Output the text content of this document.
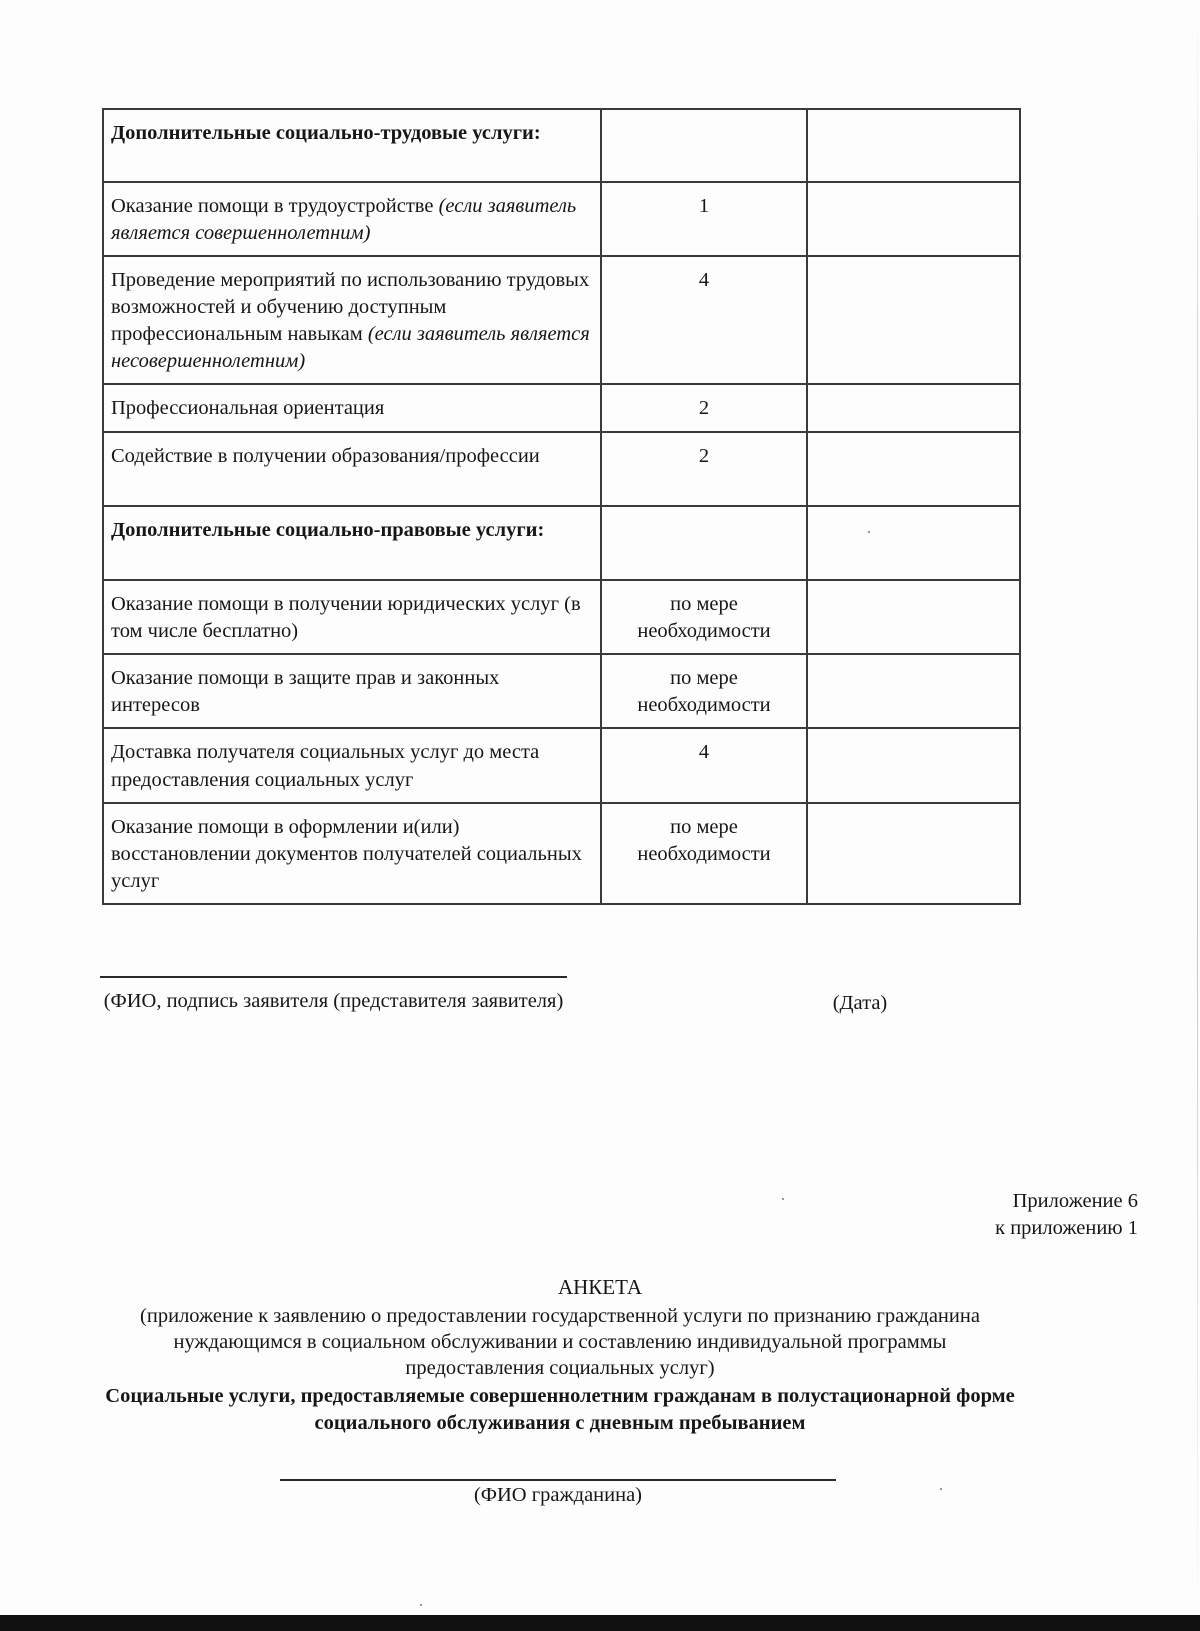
Дополнительные социально-трудовые услуги:		
Оказание помощи в трудоустройстве (если заявитель является совершеннолетним)	1	
Проведение мероприятий по использованию трудовых возможностей и обучению доступным профессиональным навыкам (если заявитель является несовершеннолетним)	4	
Профессиональная ориентация	2	
Содействие в получении образования/профессии	2	
Дополнительные социально-правовые услуги:		
Оказание помощи в получении юридических услуг (в том числе бесплатно)	по мере необходимости	
Оказание помощи в защите прав и законных интересов	по мере необходимости	
Доставка получателя социальных услуг до места предоставления социальных услуг	4	
Оказание помощи в оформлении и(или) восстановлении документов получателей социальных услуг	по мере необходимости	
(ФИО, подпись заявителя (представителя заявителя)	(Дата)
Приложение 6
к приложению 1
АНКЕТА
(приложение к заявлению о предоставлении государственной услуги по признанию гражданина нуждающимся в социальном обслуживании и составлению индивидуальной программы предоставления социальных услуг)
Социальные услуги, предоставляемые совершеннолетним гражданам в полустационарной форме социального обслуживания с дневным пребыванием
(ФИО гражданина)
